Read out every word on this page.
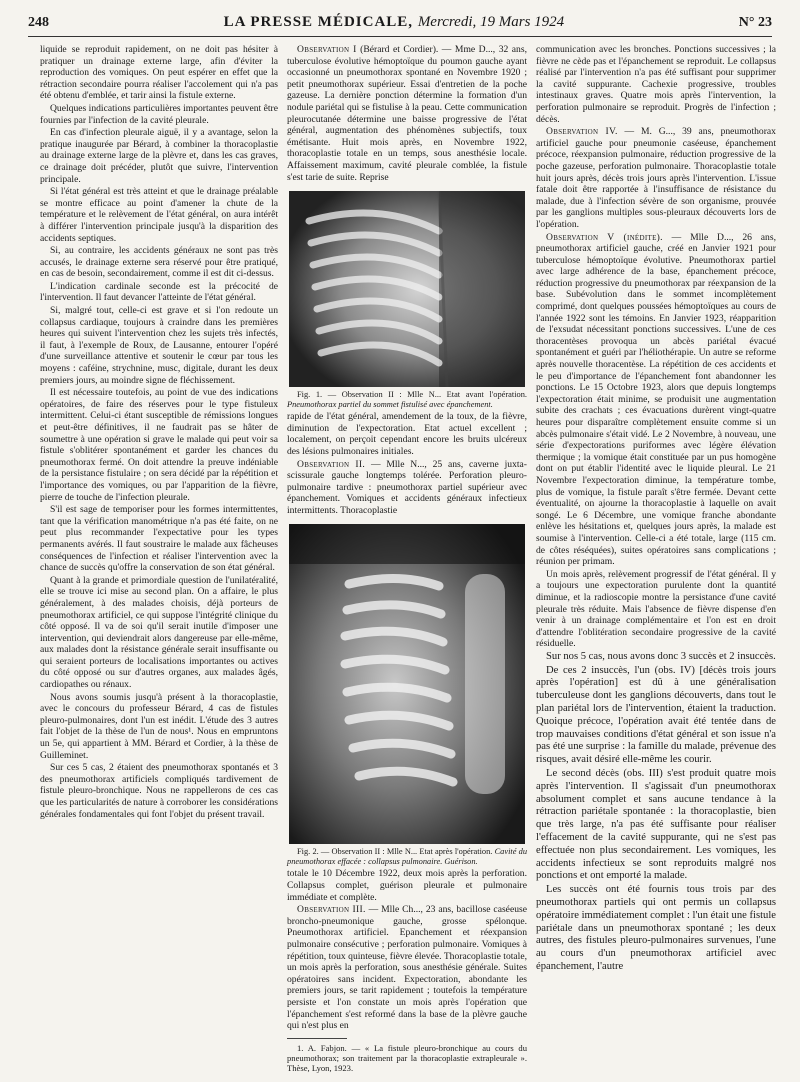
248	LA PRESSE MÉDICALE, Mercredi, 19 Mars 1924	N° 23

liquide se reproduit rapidement, on ne doit pas hésiter à pratiquer un drainage externe large, afin d'éviter la reproduction des vomiques. On peut espérer en effet que la rétraction secondaire pourra réaliser l'accolement qui n'a pas été obtenu d'emblée, et tarir ainsi la fistule externe.

Quelques indications particulières importantes peuvent être fournies par l'infection de la cavité pleurale.

En cas d'infection pleurale aiguë, il y a avantage, selon la pratique inaugurée par Bérard, à combiner la thoracoplastie au drainage externe large de la plèvre et, dans les cas graves, ce drainage doit précéder, plutôt que suivre, l'intervention principale.

Si l'état général est très atteint et que le drainage préalable se montre efficace au point d'amener la chute de la température et le relèvement de l'état général, on aura intérêt à différer l'intervention principale jusqu'à la disparition des accidents septiques.

Si, au contraire, les accidents généraux ne sont pas très accusés, le drainage externe sera réservé pour être pratiqué, en cas de besoin, secondairement, comme il est dit ci-dessus.

L'indication cardinale seconde est la précocité de l'intervention. Il faut devancer l'atteinte de l'état général.

Si, malgré tout, celle-ci est grave et si l'on redoute un collapsus cardiaque, toujours à craindre dans les premières heures qui suivent l'intervention chez les sujets très infectés, il faut, à l'exemple de Roux, de Lausanne, entourer l'opéré d'une surveillance attentive et soutenir le cœur par tous les moyens : caféine, strychnine, musc, digitale, durant les deux premiers jours, au moindre signe de fléchissement.

Il est nécessaire toutefois, au point de vue des indications opératoires, de faire des réserves pour le type fistuleux intermittent. Celui-ci étant susceptible de rémissions longues et peut-être définitives, il ne faudrait pas se hâter de soumettre à une opération si grave le malade qui peut voir sa fistule s'oblitérer spontanément et garder les chances du pneumothorax fermé. On doit attendre la preuve indéniable de la persistance fistulaire ; on sera décidé par la répétition et l'importance des vomiques, ou par l'apparition de la fièvre, pierre de touche de l'infection pleurale.

S'il est sage de temporiser pour les formes intermittentes, tant que la vérification manométrique n'a pas été faite, on ne peut plus recommander l'expectative pour les types permanents avérés. Il faut soustraire le malade aux fâcheuses conséquences de l'infection et réaliser l'intervention avec la chance de succès qu'offre la conservation de son état général.

Quant à la grande et primordiale question de l'unilatéralité, elle se trouve ici mise au second plan. On a affaire, le plus généralement, à des malades choisis, déjà porteurs de pneumothorax artificiel, ce qui suppose l'intégrité clinique du côté opposé. Il va de soi qu'il serait inutile d'imposer une intervention, qui deviendrait alors dangereuse par elle-même, aux malades dont la résistance générale serait insuffisante ou qui seraient porteurs de localisations importantes ou actives du côté opposé ou sur d'autres organes, aux malades âgés, cardiopathes ou rénaux.

Nous avons soumis jusqu'à présent à la thoracoplastie, avec le concours du professeur Bérard, 4 cas de fistules pleuro-pulmonaires, dont l'un est inédit. L'étude des 3 autres fait l'objet de la thèse de l'un de nous¹. Nous en empruntons un 5e, qui appartient à MM. Bérard et Cordier, à la thèse de Guilleminet.

Sur ces 5 cas, 2 étaient des pneumothorax spontanés et 3 des pneumothorax artificiels compliqués tardivement de fistule pleuro-bronchique. Nous ne rappellerons de ces cas que les particularités de nature à corroborer les considérations générales fondamentales qui font l'objet du présent travail.

Observation I (Bérard et Cordier). — Mme D..., 32 ans, tuberculose évolutive hémoptoïque du poumon gauche ayant occasionné un pneumothorax spontané en Novembre 1920 ; petit pneumothorax supérieur. Essai d'entretien de la poche gazeuse. La dernière ponction détermine la formation d'un nodule pariétal qui se fistulise à la peau. Cette communication pleurocutanée détermine une baisse progressive de l'état général, augmentation des phénomènes subjectifs, toux émétisante. Huit mois après, en Novembre 1922, thoracoplastie totale en un temps, sous anesthésie locale. Affaissement maximum, cavité pleurale comblée, la fistule s'est tarie de suite. Reprise

Fig. 1. — Observation II : Mlle N... Etat avant l'opération. Pneumothorax partiel du sommet fistulisé avec épanchement.

rapide de l'état général, amendement de la toux, de la fièvre, diminution de l'expectoration. Etat actuel excellent ; localement, on perçoit cependant encore les bruits ulcéreux des lésions pulmonaires initiales.

Observation II. — Mlle N..., 25 ans, caverne juxta-scissurale gauche longtemps tolérée. Perforation pleuro-pulmonaire tardive : pneumothorax partiel supérieur avec épanchement. Vomiques et accidents généraux infectieux intermittents. Thoracoplastie

Fig. 2. — Observation II : Mlle N... Etat après l'opération. Cavité du pneumothorax effacée : collapsus pulmonaire. Guérison.

totale le 10 Décembre 1922, deux mois après la perforation. Collapsus complet, guérison pleurale et pulmonaire immédiate et complète.

Observation III. — Mlle Ch..., 23 ans, bacillose caséeuse broncho-pneumonique gauche, grosse spélonque. Pneumothorax artificiel. Epanchement et réexpansion pulmonaire consécutive ; perforation pulmonaire. Vomiques à répétition, toux quinteuse, fièvre élevée. Thoracoplastie totale, un mois après la perforation, sous anesthésie générale. Suites opératoires sans incident. Expectoration, abondante les premiers jours, se tarit rapidement ; toutefois la température persiste et l'on constate un mois après l'opération que l'épanchement s'est reformé dans la base de la plèvre gauche qui n'est plus en

1. A. Fabjon. — « La fistule pleuro-bronchique au cours du pneumothorax; son traitement par la thoracoplastie extrapleurale ». Thèse, Lyon, 1923.

communication avec les bronches. Ponctions successives ; la fièvre ne cède pas et l'épanchement se reproduit. Le collapsus réalisé par l'intervention n'a pas été suffisant pour supprimer la cavité suppurante. Cachexie progressive, troubles intestinaux graves. Quatre mois après l'intervention, la perforation pulmonaire se reproduit. Progrès de l'infection ; décès.

Observation IV. — M. G..., 39 ans, pneumothorax artificiel gauche pour pneumonie caséeuse, épanchement précoce, réexpansion pulmonaire, réduction progressive de la poche gazeuse, perforation pulmonaire. Thoracoplastie totale huit jours après, décès trois jours après l'intervention. L'issue fatale doit être rapportée à l'insuffisance de résistance du malade, due à l'infection sévère de son organisme, prouvée par les ganglions multiples sous-pleuraux découverts lors de l'opération.

Observation V (inédite). — Mlle D..., 26 ans, pneumothorax artificiel gauche, créé en Janvier 1921 pour tuberculose hémoptoïque évolutive. Pneumothorax partiel avec large adhérence de la base, épanchement précoce, réduction progressive du pneumothorax par réexpansion de la base. Subévolution dans le sommet incomplètement comprimé, dont quelques poussées hémoptoïques au cours de l'année 1922 sont les témoins. En Janvier 1923, réapparition de l'exsudat nécessitant ponctions successives. L'une de ces thoracentèses provoqua un abcès pariétal évacué spontanément et guéri par l'héliothérapie. Un autre se reforme après nouvelle thoracentèse. La répétition de ces accidents et le peu d'importance de l'épanchement font abandonner les ponctions. Le 15 Octobre 1923, alors que depuis longtemps l'expectoration était minime, se produisit une augmentation subite des crachats ; ces évacuations durèrent vingt-quatre heures pour disparaître complètement ensuite comme si un abcès pulmonaire s'était vidé. Le 2 Novembre, à nouveau, une série d'expectorations puriformes avec légère élévation thermique ; la vomique était constituée par un pus homogène dont on put établir l'identité avec le liquide pleural. Le 21 Novembre l'expectoration diminue, la température tombe, plus de vomique, la fistule paraît s'être fermée. Devant cette éventualité, on ajourne la thoracoplastie à laquelle on avait songé. Le 6 Décembre, une vomique franche abondante enlève les hésitations et, quelques jours après, la malade est soumise à l'intervention. Celle-ci a été totale, large (115 cm. de côtes réséquées), suites opératoires sans complications ; réunion per primam.

Un mois après, relèvement progressif de l'état général. Il y a toujours une expectoration purulente dont la quantité diminue, et la radioscopie montre la persistance d'une cavité pleurale très réduite. Mais l'absence de fièvre dispense d'en venir à un drainage complémentaire et l'on est en droit d'attendre l'oblitération secondaire progressive de la cavité résiduelle.

Sur nos 5 cas, nous avons donc 3 succès et 2 insuccès.

De ces 2 insuccès, l'un (obs. IV) [décès trois jours après l'opération] est dû à une généralisation tuberculeuse dont les ganglions découverts, dans tout le plan pariétal lors de l'intervention, étaient la traduction. Quoique précoce, l'opération avait été tentée dans de trop mauvaises conditions d'état général et son issue n'a pas été une surprise : la famille du malade, prévenue des risques, avait désiré elle-même les courir.

Le second décès (obs. III) s'est produit quatre mois après l'intervention. Il s'agissait d'un pneumothorax absolument complet et sans aucune tendance à la rétraction pariétale spontanée : la thoracoplastie, bien que très large, n'a pas été suffisante pour réaliser l'effacement de la cavité suppurante, qui ne s'est pas effectuée non plus secondairement. Les vomiques, les accidents infectieux se sont reproduits malgré nos ponctions et ont emporté la malade.

Les succès ont été fournis tous trois par des pneumothorax partiels qui ont permis un collapsus opératoire immédiatement complet : l'un était une fistule pariétale dans un pneumothorax spontané ; les deux autres, des fistules pleuro-pulmonaires survenues, l'une au cours d'un pneumothorax artificiel avec épanchement, l'autre
